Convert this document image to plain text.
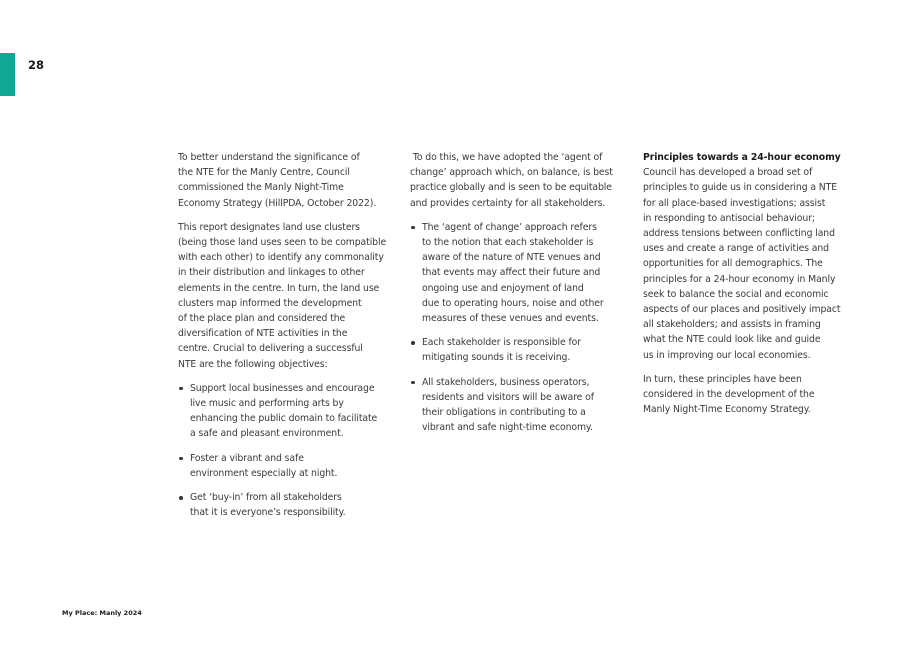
28

To better understand the significance of
the NTE for the Manly Centre, Council
commissioned the Manly Night-Time
Economy Strategy (HillPDA, October 2022).

This report designates land use clusters
(being those land uses seen to be compatible
with each other) to identify any commonality
in their distribution and linkages to other
elements in the centre. In turn, the land use
clusters map informed the development
of the place plan and considered the
diversification of NTE activities in the
centre. Crucial to delivering a successful
NTE are the following objectives:

Support local businesses and encourage
live music and performing arts by
enhancing the public domain to facilitate
a safe and pleasant environment.
Foster a vibrant and safe
environment especially at night.
Get ‘buy-in’ from all stakeholders
that it is everyone’s responsibility.

To do this, we have adopted the ‘agent of
change’ approach which, on balance, is best
practice globally and is seen to be equitable
and provides certainty for all stakeholders.

The ‘agent of change’ approach refers
to the notion that each stakeholder is
aware of the nature of NTE venues and
that events may affect their future and
ongoing use and enjoyment of land
due to operating hours, noise and other
measures of these venues and events.
Each stakeholder is responsible for
mitigating sounds it is receiving.
All stakeholders, business operators,
residents and visitors will be aware of
their obligations in contributing to a
vibrant and safe night-time economy.

Principles towards a 24-hour economy
Council has developed a broad set of
principles to guide us in considering a NTE
for all place-based investigations; assist
in responding to antisocial behaviour;
address tensions between conflicting land
uses and create a range of activities and
opportunities for all demographics. The
principles for a 24-hour economy in Manly
seek to balance the social and economic
aspects of our places and positively impact
all stakeholders; and assists in framing
what the NTE could look like and guide
us in improving our local economies.

In turn, these principles have been
considered in the development of the
Manly Night-Time Economy Strategy.

My Place: Manly 2024
